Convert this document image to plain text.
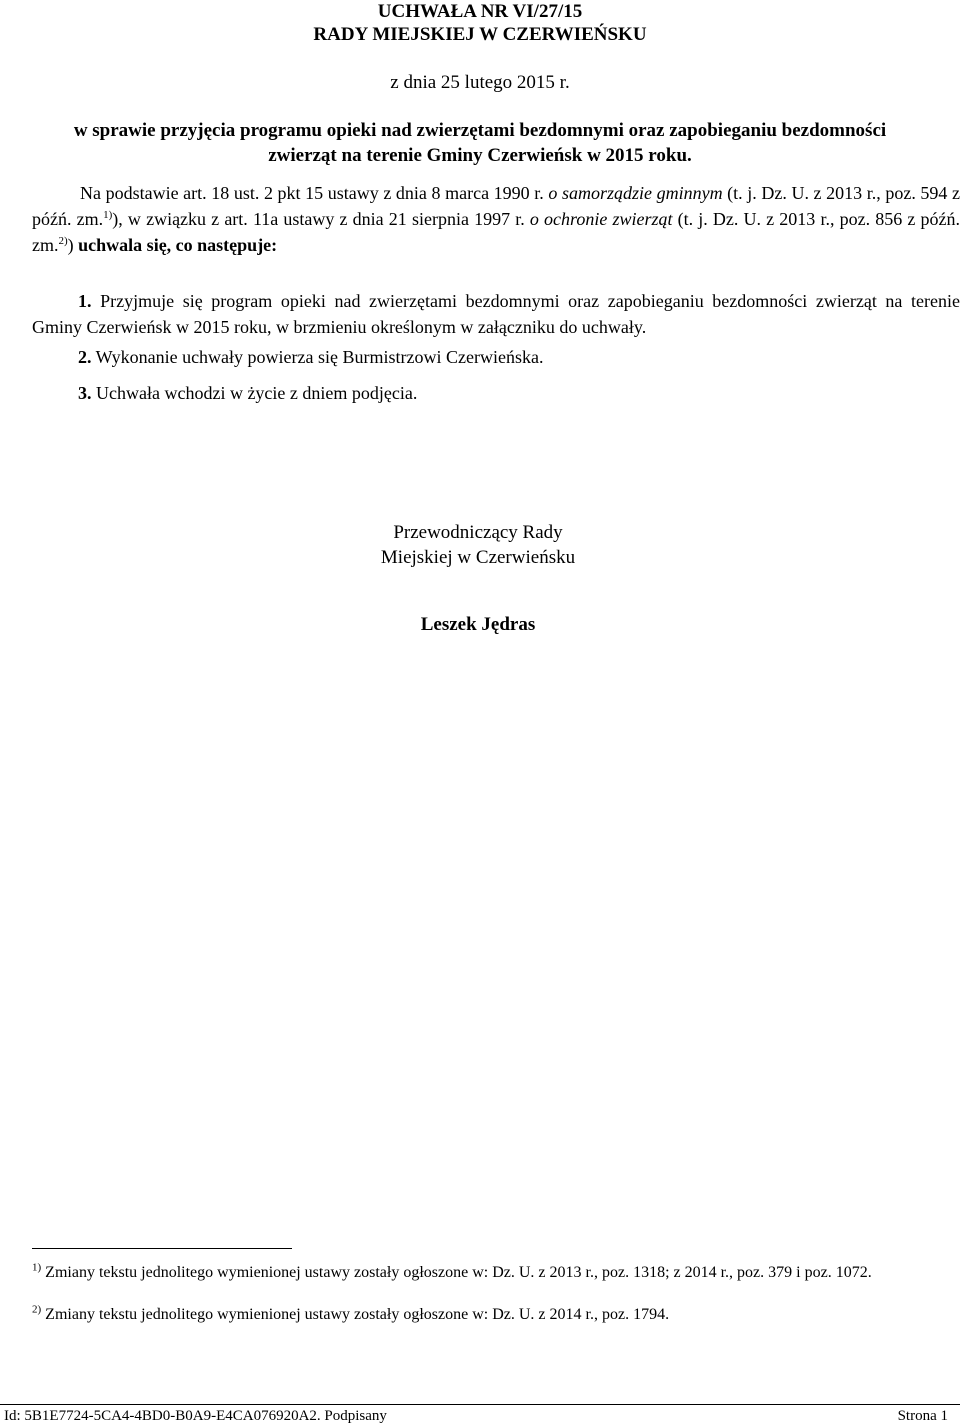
UCHWAŁA NR VI/27/15
RADY MIEJSKIEJ W CZERWIEŃSKU
z dnia 25 lutego 2015 r.
w sprawie przyjęcia programu opieki nad zwierzętami bezdomnymi oraz zapobieganiu bezdomności
zwierząt na terenie Gminy Czerwieńsk w 2015 roku.
Na podstawie art. 18 ust. 2 pkt 15 ustawy z dnia 8 marca 1990 r. o samorządzie gminnym (t. j. Dz. U. z 2013 r., poz. 594 z późń. zm.$^{1)}$), w związku z art. 11a ustawy z dnia 21 sierpnia 1997 r. o ochronie zwierząt (t. j. Dz. U. z 2013 r., poz. 856 z późń. zm.$^{2)}$) uchwala się, co następuje:
1. Przyjmuje się program opieki nad zwierzętami bezdomnymi oraz zapobieganiu bezdomności zwierząt na terenie Gminy Czerwieńsk w 2015 roku, w brzmieniu określonym w załączniku do uchwały.
2. Wykonanie uchwały powierza się Burmistrzowi Czerwieńska.
3. Uchwała wchodzi w życie z dniem podjęcia.
Przewodniczący Rady
Miejskiej w Czerwieńsku
Leszek Jędras
$^{1)}$ Zmiany tekstu jednolitego wymienionej ustawy zostały ogłoszone w: Dz. U. z 2013 r., poz. 1318; z 2014 r., poz. 379 i poz. 1072.
$^{2)}$ Zmiany tekstu jednolitego wymienionej ustawy zostały ogłoszone w: Dz. U. z 2014 r., poz. 1794.
Id: 5B1E7724-5CA4-4BD0-B0A9-E4CA076920A2. Podpisany	Strona 1
